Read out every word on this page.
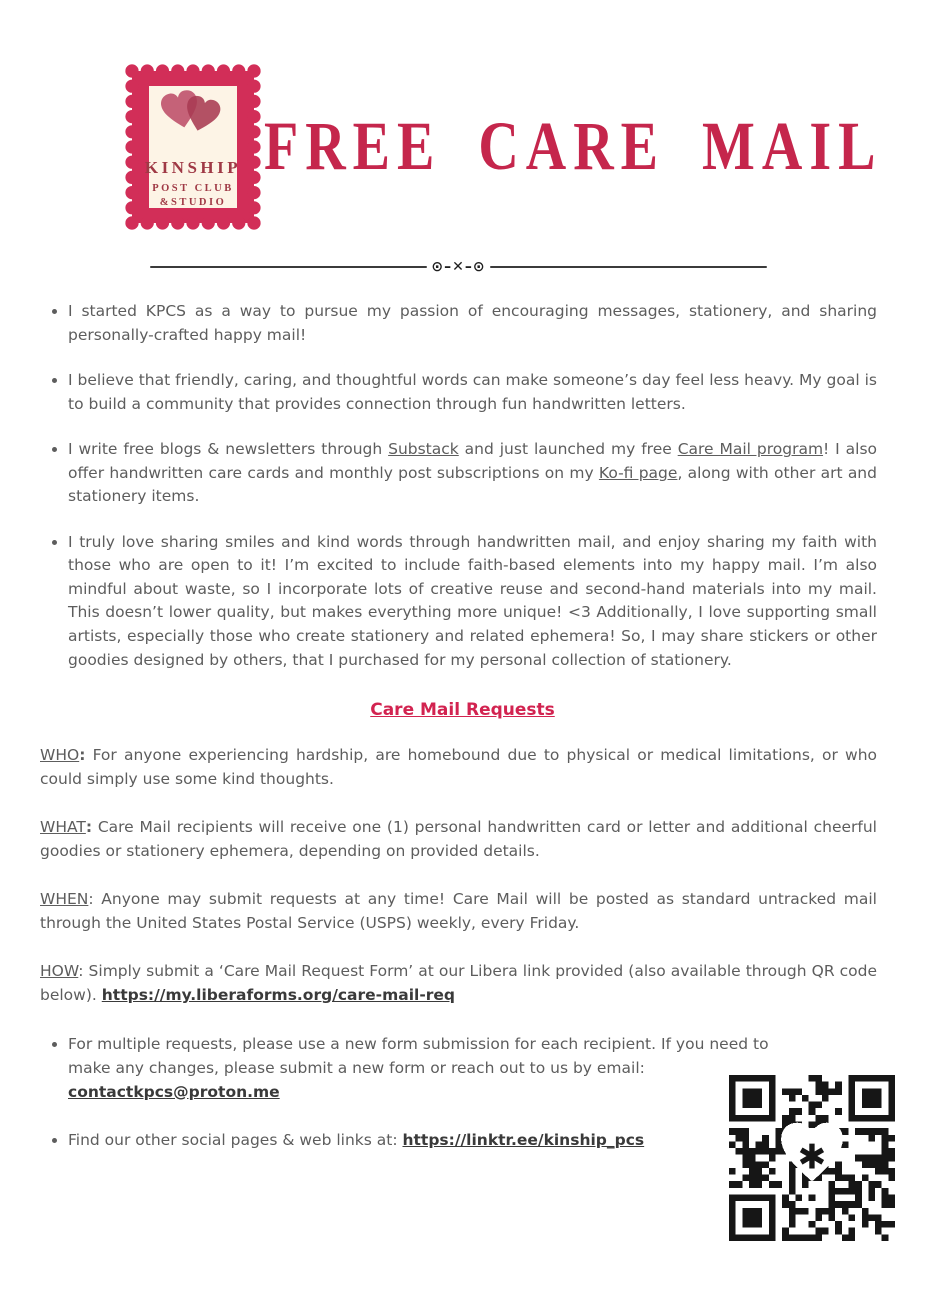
KINSHIP
POST CLUB
&STUDIO
FREE CARE MAIL
⊙–✕–⊙
• I started KPCS as a way to pursue my passion of encouraging messages, stationery, and sharing personally-crafted happy mail!
• I believe that friendly, caring, and thoughtful words can make someone’s day feel less heavy. My goal is to build a community that provides connection through fun handwritten letters.
• I write free blogs & newsletters through Substack and just launched my free Care Mail program! I also offer handwritten care cards and monthly post subscriptions on my Ko-fi page, along with other art and stationery items.
• I truly love sharing smiles and kind words through handwritten mail, and enjoy sharing my faith with those who are open to it! I’m excited to include faith-based elements into my happy mail. I’m also mindful about waste, so I incorporate lots of creative reuse and second-hand materials into my mail. This doesn’t lower quality, but makes everything more unique! <3 Additionally, I love supporting small artists, especially those who create stationery and related ephemera! So, I may share stickers or other goodies designed by others, that I purchased for my personal collection of stationery.
Care Mail Requests

WHO: For anyone experiencing hardship, are homebound due to physical or medical limitations, or who could simply use some kind thoughts.

WHAT: Care Mail recipients will receive one (1) personal handwritten card or letter and additional cheerful goodies or stationery ephemera, depending on provided details.

WHEN: Anyone may submit requests at any time! Care Mail will be posted as standard untracked mail through the United States Postal Service (USPS) weekly, every Friday.

HOW: Simply submit a ‘Care Mail Request Form’ at our Libera link provided (also available through QR code below). https://my.liberaforms.org/care-mail-req

• For multiple requests, please use a new form submission for each recipient. If you need to make any changes, please submit a new form or reach out to us by email:
contactkpcs@proton.me
• Find our other social pages & web links at: https://linktr.ee/kinship_pcs	✱
